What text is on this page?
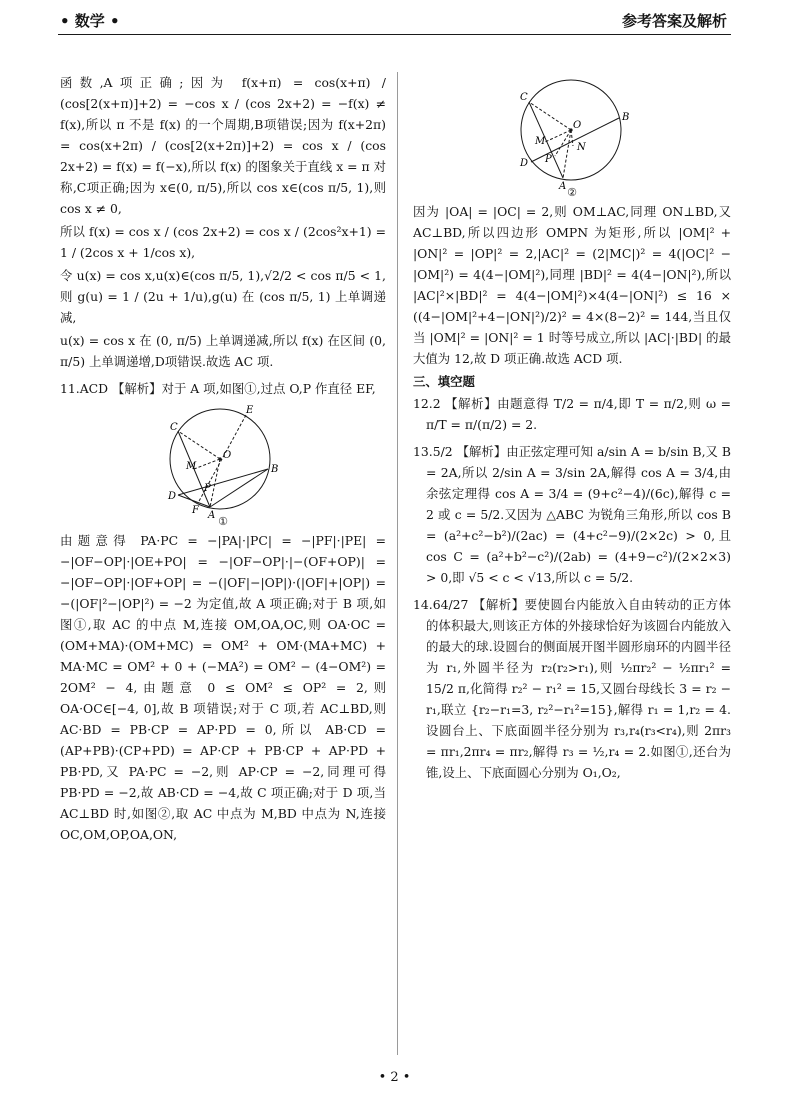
• 数学 •	参考答案及解析

函数,A项正确;因为 f(x+π) = cos(x+π) / (cos[2(x+π)]+2) = −cos x / (cos 2x+2) = −f(x) ≠ f(x),所以 π 不是 f(x) 的一个周期,B项错误;因为 f(x+2π) = cos(x+2π) / (cos[2(x+2π)]+2) = cos x / (cos 2x+2) = f(x) = f(−x),所以 f(x) 的图象关于直线 x = π 对称,C项正确;因为 x∈(0, π/5),所以 cos x∈(cos π/5, 1),则 cos x ≠ 0,

所以 f(x) = cos x / (cos 2x+2) = cos x / (2cos²x+1) = 1 / (2cos x + 1/cos x),

令 u(x) = cos x,u(x)∈(cos π/5, 1),√2/2 < cos π/5 < 1,则 g(u) = 1 / (2u + 1/u),g(u) 在 (cos π/5, 1) 上单调递减,

u(x) = cos x 在 (0, π/5) 上单调递减,所以 f(x) 在区间 (0, π/5) 上单调递增,D项错误.故选 AC 项.

11.ACD 【解析】对于 A 项,如图①,过点 O,P 作直径 EF,

C
E
O
M	B
D
P
F A ①

由题意得 PA·PC = −|PA|·|PC| = −|PF|·|PE| = −|OF−OP|·|OE+PO| = −|OF−OP|·|−(OF+OP)| = −|OF−OP|·|OF+OP| = −(|OF|−|OP|)·(|OF|+|OP|) = −(|OF|²−|OP|²) = −2 为定值,故 A 项正确;对于 B 项,如图①,取 AC 的中点 M,连接 OM,OA,OC,则 OA·OC = (OM+MA)·(OM+MC) = OM² + OM·(MA+MC) + MA·MC = OM² + 0 + (−MA²) = OM² − (4−OM²) = 2OM² − 4,由题意 0 ≤ OM² ≤ OP² = 2,则 OA·OC∈[−4, 0],故 B 项错误;对于 C 项,若 AC⊥BD,则 AC·BD = PB·CP = AP·PD = 0,所以 AB·CD = (AP+PB)·(CP+PD) = AP·CP + PB·CP + AP·PD + PB·PD,又 PA·PC = −2,则 AP·CP = −2,同理可得 PB·PD = −2,故 AB·CD = −4,故 C 项正确;对于 D 项,当 AC⊥BD 时,如图②,取 AC 中点为 M,BD 中点为 N,连接 OC,OM,OP,OA,ON,

C
O
B
M
N
D P
A ②

因为 |OA| = |OC| = 2,则 OM⊥AC,同理 ON⊥BD,又 AC⊥BD,所以四边形 OMPN 为矩形,所以 |OM|² + |ON|² = |OP|² = 2,|AC|² = (2|MC|)² = 4(|OC|² − |OM|²) = 4(4−|OM|²),同理 |BD|² = 4(4−|ON|²),所以 |AC|²×|BD|² = 4(4−|OM|²)×4(4−|ON|²) ≤ 16 × ((4−|OM|²+4−|ON|²)/2)² = 4×(8−2)² = 144,当且仅当 |OM|² = |ON|² = 1 时等号成立,所以 |AC|·|BD| 的最大值为 12,故 D 项正确.故选 ACD 项.

三、填空题

12.2 【解析】由题意得 T/2 = π/4,即 T = π/2,则 ω = π/T = π/(π/2) = 2.

13.5/2 【解析】由正弦定理可知 a/sin A = b/sin B,又 B = 2A,所以 2/sin A = 3/sin 2A,解得 cos A = 3/4,由余弦定理得 cos A = 3/4 = (9+c²−4)/(6c),解得 c = 2 或 c = 5/2.又因为 △ABC 为锐角三角形,所以 cos B = (a²+c²−b²)/(2ac) = (4+c²−9)/(2×2c) > 0,且 cos C = (a²+b²−c²)/(2ab) = (4+9−c²)/(2×2×3) > 0,即 √5 < c < √13,所以 c = 5/2.

14.64/27 【解析】要使圆台内能放入自由转动的正方体的体积最大,则该正方体的外接球恰好为该圆台内能放入的最大的球.设圆台的侧面展开图半圆形扇环的内圆半径为 r₁,外圆半径为 r₂(r₂>r₁),则 ½πr₂² − ½πr₁² = 15/2 π,化简得 r₂² − r₁² = 15,又圆台母线长 3 = r₂ − r₁,联立 {r₂−r₁=3, r₂²−r₁²=15},解得 r₁ = 1,r₂ = 4.设圆台上、下底面圆半径分别为 r₃,r₄(r₃<r₄),则 2πr₃ = πr₁,2πr₄ = πr₂,解得 r₃ = ½,r₄ = 2.如图①,还台为锥,设上、下底面圆心分别为 O₁,O₂,

• 2 •
